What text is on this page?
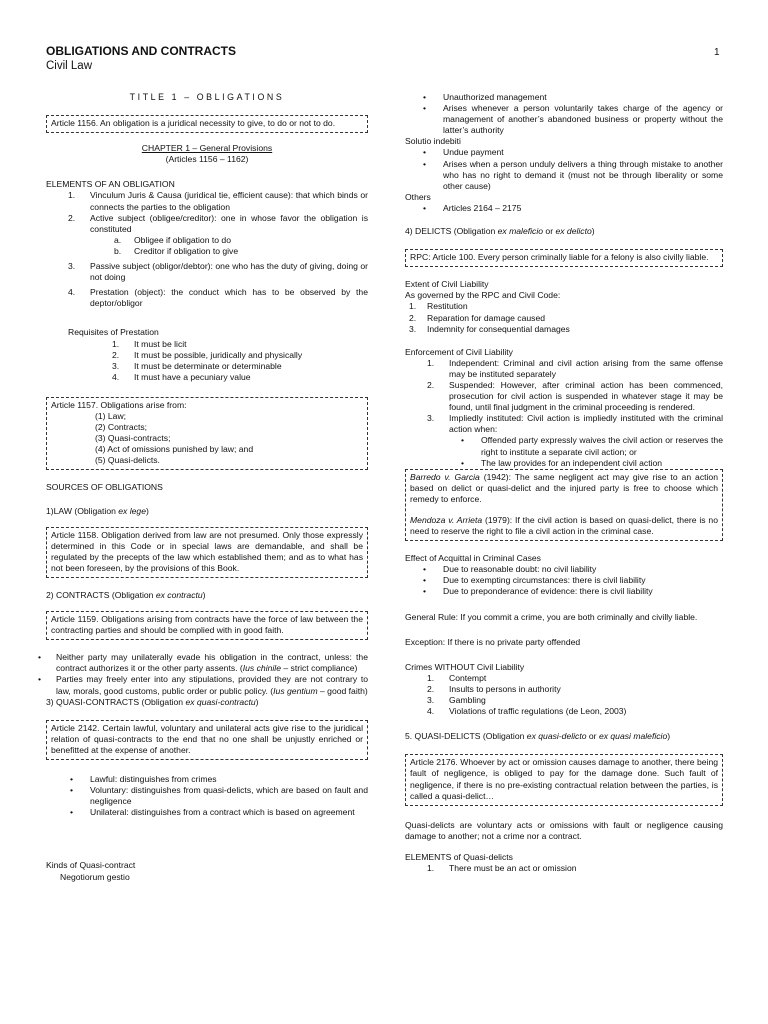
OBLIGATIONS AND CONTRACTS
Civil Law
1

TITLE 1 – OBLIGATIONS

Article 1156. An obligation is a juridical necessity to give, to do or not to do.

CHAPTER 1 – General Provisions

(Articles 1156 – 1162)

ELEMENTS OF AN OBLIGATION

1.	Vinculum Juris & Causa (juridical tie, efficient cause): that which binds or connects the parties to the obligation
2.	Active subject (obligee/creditor): one in whose favor the obligation is constituted
a.	Obligee if obligation to do
b.	Creditor if obligation to give
3.	Passive subject (obligor/debtor): one who has the duty of giving, doing or not doing
4.	Prestation (object): the conduct which has to be observed by the deptor/obligor

Requisites of Prestation

1.	It must be licit
2.	It must be possible, juridically and physically
3.	It must be determinate or determinable
4.	It must have a pecuniary value

Article 1157. Obligations arise from:

(1) Law;

(2) Contracts;

(3) Quasi-contracts;

(4) Act of omissions punished by law; and

(5) Quasi-delicts.

SOURCES OF OBLIGATIONS

1)LAW (Obligation ex lege)

Article 1158. Obligation derived from law are not presumed. Only those expressly determined in this Code or in special laws are demandable, and shall be regulated by the precepts of the law which established them; and as to what has not been foreseen, by the provisions of this Book.

2) CONTRACTS (Obligation ex contractu)

Article 1159. Obligations arising from contracts have the force of law between the contracting parties and should be complied with in good faith.

•	Neither party may unilaterally evade his obligation in the contract, unless: the contract authorizes it or the other party assents. (Ius chinile – strict compliance)
•	Parties may freely enter into any stipulations, provided they are not contrary to law, morals, good customs, public order or public policy. (Ius gentium – good faith)

3) QUASI-CONTRACTS (Obligation ex quasi-contractu)

Article 2142. Certain lawful, voluntary and unilateral acts give rise to the juridical relation of quasi-contracts to the end that no one shall be unjustly enriched or benefitted at the expense of another.

•	Lawful: distinguishes from crimes
•	Voluntary: distinguishes from quasi-delicts, which are based on fault and negligence
•	Unilateral: distinguishes from a contract which is based on agreement

Kinds of Quasi-contract

Negotiorum gestio

•	Unauthorized management
•	Arises whenever a person voluntarily takes charge of the agency or management of another’s abandoned business or property without the latter’s authority

Solutio indebiti

•	Undue payment
•	Arises when a person unduly delivers a thing through mistake to another who has no right to demand it (must not be through liberality or some other cause)

Others

•	Articles 2164 – 2175

4) DELICTS (Obligation ex maleficio or ex delicto)

RPC: Article 100. Every person criminally liable for a felony is also civilly liable.

Extent of Civil Liability

As governed by the RPC and Civil Code:

1.	Restitution
2.	Reparation for damage caused
3.	Indemnity for consequential damages

Enforcement of Civil Liability

1.	Independent: Criminal and civil action arising from the same offense may be instituted separately
2.	Suspended: However, after criminal action has been commenced, prosecution for civil action is suspended in whatever stage it may be found, until final judgment in the criminal proceeding is rendered.
3.	Impliedly instituted: Civil action is impliedly instituted with the criminal action when:
•	Offended party expressly waives the civil action or reserves the right to institute a separate civil action; or
•	The law provides for an independent civil action

Barredo v. Garcia (1942): The same negligent act may give rise to an action based on delict or quasi-delict and the injured party is free to choose which remedy to enforce.

Mendoza v. Arrieta (1979): If the civil action is based on quasi-delict, there is no need to reserve the right to file a civil action in the criminal case.

Effect of Acquittal in Criminal Cases

•	Due to reasonable doubt: no civil liability
•	Due to exempting circumstances: there is civil liability
•	Due to preponderance of evidence: there is civil liability

General Rule: If you commit a crime, you are both criminally and civilly liable.

Exception: If there is no private party offended

Crimes WITHOUT Civil Liability

1.	Contempt
2.	Insults to persons in authority
3.	Gambling
4.	Violations of traffic regulations (de Leon, 2003)

5. QUASI-DELICTS (Obligation ex quasi-delicto or ex quasi maleficio)

Article 2176. Whoever by act or omission causes damage to another, there being fault of negligence, is obliged to pay for the damage done. Such fault of negligence, if there is no pre-existing contractual relation between the parties, is called a quasi-delict…

Quasi-delicts are voluntary acts or omissions with fault or negligence causing damage to another; not a crime nor a contract.

ELEMENTS of Quasi-delicts

1.	There must be an act or omission
